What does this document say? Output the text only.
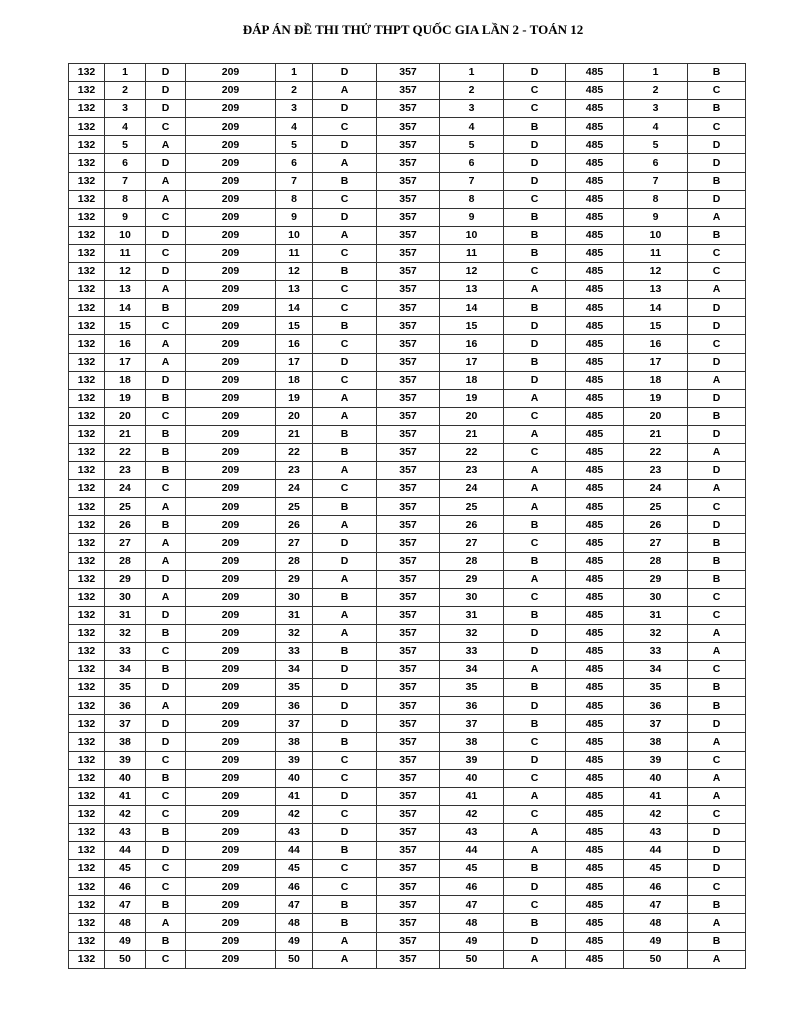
ĐÁP ÁN ĐỀ THI THỬ THPT QUỐC GIA LẦN 2 - TOÁN 12
132	1	D	209	1	D	357	1	D	485	1	B
132	2	D	209	2	A	357	2	C	485	2	C
132	3	D	209	3	D	357	3	C	485	3	B
132	4	C	209	4	C	357	4	B	485	4	C
132	5	A	209	5	D	357	5	D	485	5	D
132	6	D	209	6	A	357	6	D	485	6	D
132	7	A	209	7	B	357	7	D	485	7	B
132	8	A	209	8	C	357	8	C	485	8	D
132	9	C	209	9	D	357	9	B	485	9	A
132	10	D	209	10	A	357	10	B	485	10	B
132	11	C	209	11	C	357	11	B	485	11	C
132	12	D	209	12	B	357	12	C	485	12	C
132	13	A	209	13	C	357	13	A	485	13	A
132	14	B	209	14	C	357	14	B	485	14	D
132	15	C	209	15	B	357	15	D	485	15	D
132	16	A	209	16	C	357	16	D	485	16	C
132	17	A	209	17	D	357	17	B	485	17	D
132	18	D	209	18	C	357	18	D	485	18	A
132	19	B	209	19	A	357	19	A	485	19	D
132	20	C	209	20	A	357	20	C	485	20	B
132	21	B	209	21	B	357	21	A	485	21	D
132	22	B	209	22	B	357	22	C	485	22	A
132	23	B	209	23	A	357	23	A	485	23	D
132	24	C	209	24	C	357	24	A	485	24	A
132	25	A	209	25	B	357	25	A	485	25	C
132	26	B	209	26	A	357	26	B	485	26	D
132	27	A	209	27	D	357	27	C	485	27	B
132	28	A	209	28	D	357	28	B	485	28	B
132	29	D	209	29	A	357	29	A	485	29	B
132	30	A	209	30	B	357	30	C	485	30	C
132	31	D	209	31	A	357	31	B	485	31	C
132	32	B	209	32	A	357	32	D	485	32	A
132	33	C	209	33	B	357	33	D	485	33	A
132	34	B	209	34	D	357	34	A	485	34	C
132	35	D	209	35	D	357	35	B	485	35	B
132	36	A	209	36	D	357	36	D	485	36	B
132	37	D	209	37	D	357	37	B	485	37	D
132	38	D	209	38	B	357	38	C	485	38	A
132	39	C	209	39	C	357	39	D	485	39	C
132	40	B	209	40	C	357	40	C	485	40	A
132	41	C	209	41	D	357	41	A	485	41	A
132	42	C	209	42	C	357	42	C	485	42	C
132	43	B	209	43	D	357	43	A	485	43	D
132	44	D	209	44	B	357	44	A	485	44	D
132	45	C	209	45	C	357	45	B	485	45	D
132	46	C	209	46	C	357	46	D	485	46	C
132	47	B	209	47	B	357	47	C	485	47	B
132	48	A	209	48	B	357	48	B	485	48	A
132	49	B	209	49	A	357	49	D	485	49	B
132	50	C	209	50	A	357	50	A	485	50	A
